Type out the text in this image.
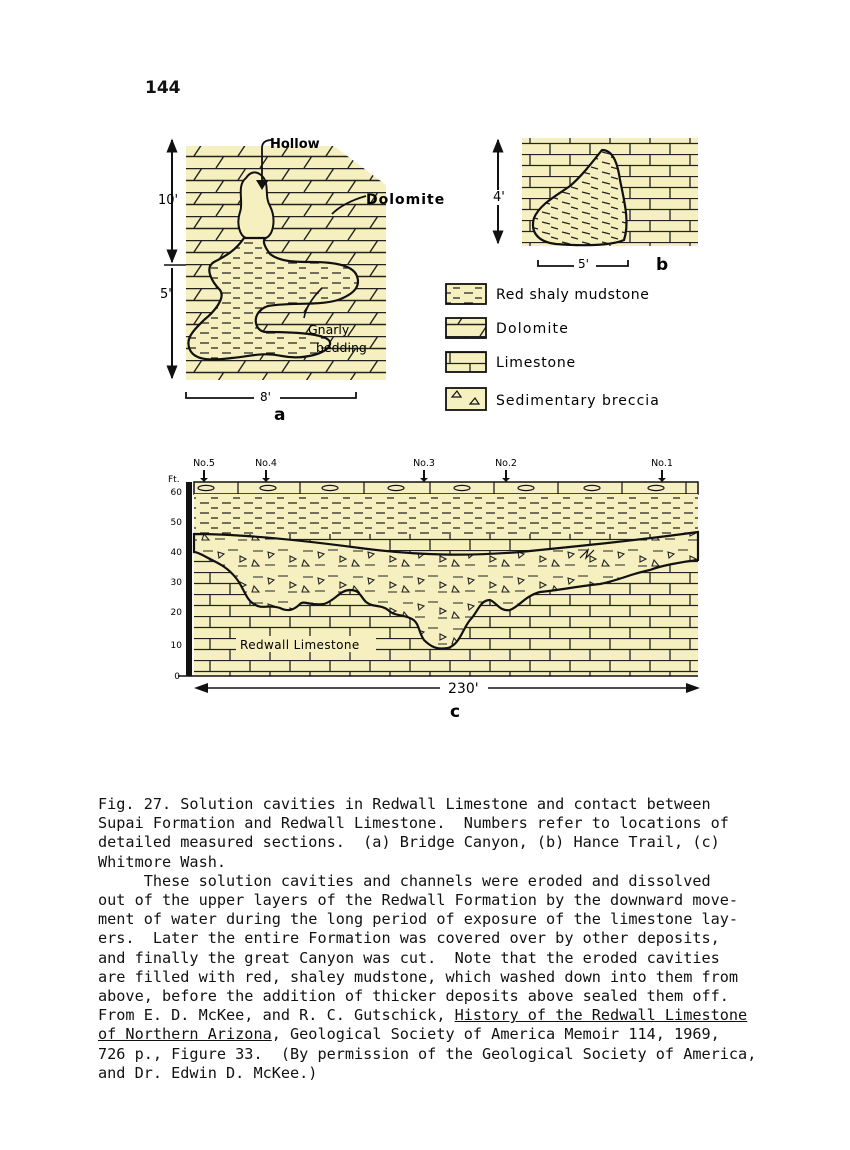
144
10'
5'
Hollow
Dolomite
Gnarly
bedding
8'
a
4'
5'	b
Red shaly mudstone
Dolomite
Limestone
Sedimentary breccia
Ft.
60
50
40
30
20
10
0
No.5	No.4	No.3	No.2	No.1
Redwall Limestone
230'
c
Fig. 27. Solution cavities in Redwall Limestone and contact between
Supai Formation and Redwall Limestone.  Numbers refer to locations of
detailed measured sections.  (a) Bridge Canyon, (b) Hance Trail, (c)
Whitmore Wash.
These solution cavities and channels were eroded and dissolved
out of the upper layers of the Redwall Formation by the downward move-
ment of water during the long period of exposure of the limestone lay-
ers.  Later the entire Formation was covered over by other deposits,
and finally the great Canyon was cut.  Note that the eroded cavities
are filled with red, shaley mudstone, which washed down into them from
above, before the addition of thicker deposits above sealed them off.
From E. D. McKee, and R. C. Gutschick, History of the Redwall Limestone
of Northern Arizona, Geological Society of America Memoir 114, 1969,
726 p., Figure 33.  (By permission of the Geological Society of America,
and Dr. Edwin D. McKee.)
